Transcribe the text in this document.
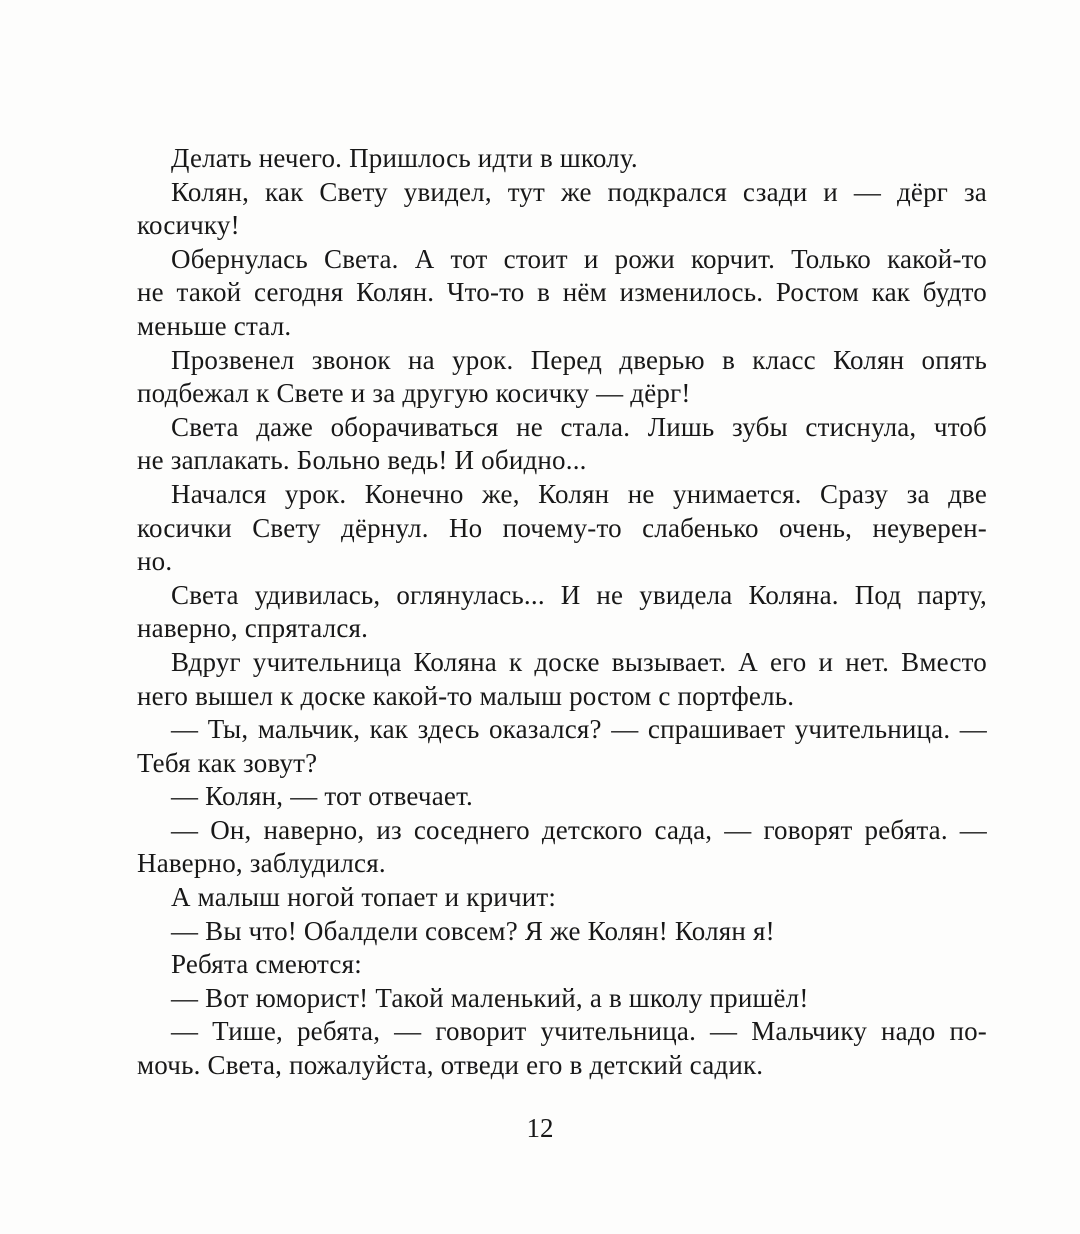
Делать нечего. Пришлось идти в школу.
Колян, как Свету увидел, тут же подкрался сзади и — дёрг за
косичку!
Обернулась Света. А тот стоит и рожи корчит. Только какой-то
не такой сегодня Колян. Что-то в нём изменилось. Ростом как будто
меньше стал.
Прозвенел звонок на урок. Перед дверью в класс Колян опять
подбежал к Свете и за другую косичку — дёрг!
Света даже оборачиваться не стала. Лишь зубы стиснула, чтоб
не заплакать. Больно ведь! И обидно...
Начался урок. Конечно же, Колян не унимается. Сразу за две
косички Свету дёрнул. Но почему-то слабенько очень, неуверен-
но.
Света удивилась, оглянулась... И не увидела Коляна. Под парту,
наверно, спрятался.
Вдруг учительница Коляна к доске вызывает. А его и нет. Вместо
него вышел к доске какой-то малыш ростом с портфель.
— Ты, мальчик, как здесь оказался? — спрашивает учительница. —
Тебя как зовут?
— Колян, — тот отвечает.
— Он, наверно, из соседнего детского сада, — говорят ребята. —
Наверно, заблудился.
А малыш ногой топает и кричит:
— Вы что! Обалдели совсем? Я же Колян! Колян я!
Ребята смеются:
— Вот юморист! Такой маленький, а в школу пришёл!
— Тише, ребята, — говорит учительница. — Мальчику надо по-
мочь. Света, пожалуйста, отведи его в детский садик.
12
